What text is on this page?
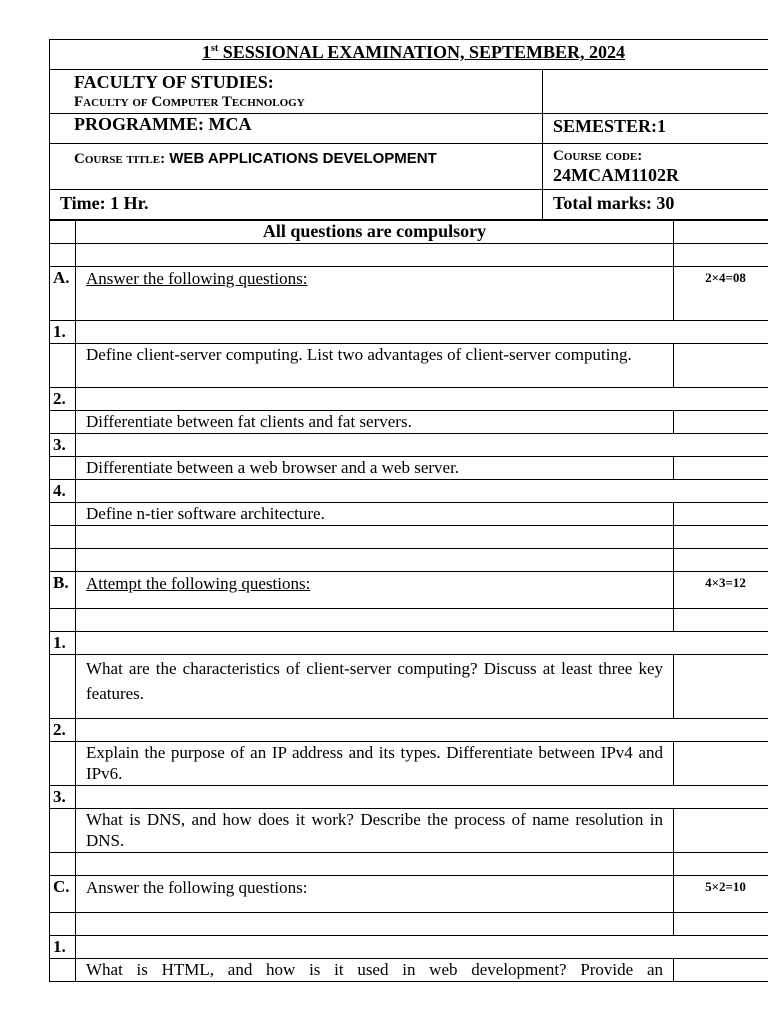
1st SESSIONAL EXAMINATION, SEPTEMBER, 2024	

FACULTY OF STUDIES:
Faculty of Computer Technology	

PROGRAMME: MCA	SEMESTER:1
Course title: WEB APPLICATIONS DEVELOPMENT	Course code:
24MCAM1102R

Time: 1 Hr.	Total marks: 30
	All questions are compulsory	

A.	Answer the following questions:	2×4=08
1.		
	Define client-server computing. List two advantages of client-server computing.	
2.		
	Differentiate between fat clients and fat servers.	
3.		
	Differentiate between a web browser and a web server.	
4.		
	Define n-tier software architecture.	

B.	Attempt the following questions:	4×3=12

1.		
	What are the characteristics of client-server computing? Discuss at least three key features.	
2.		
	Explain the purpose of an IP address and its types. Differentiate between IPv4 and IPv6.	
3.		
	What is DNS, and how does it work? Describe the process of name resolution in DNS.	

C.	Answer the following questions:	5×2=10

1.		
	What is HTML, and how is it used in web development? Provide an	
